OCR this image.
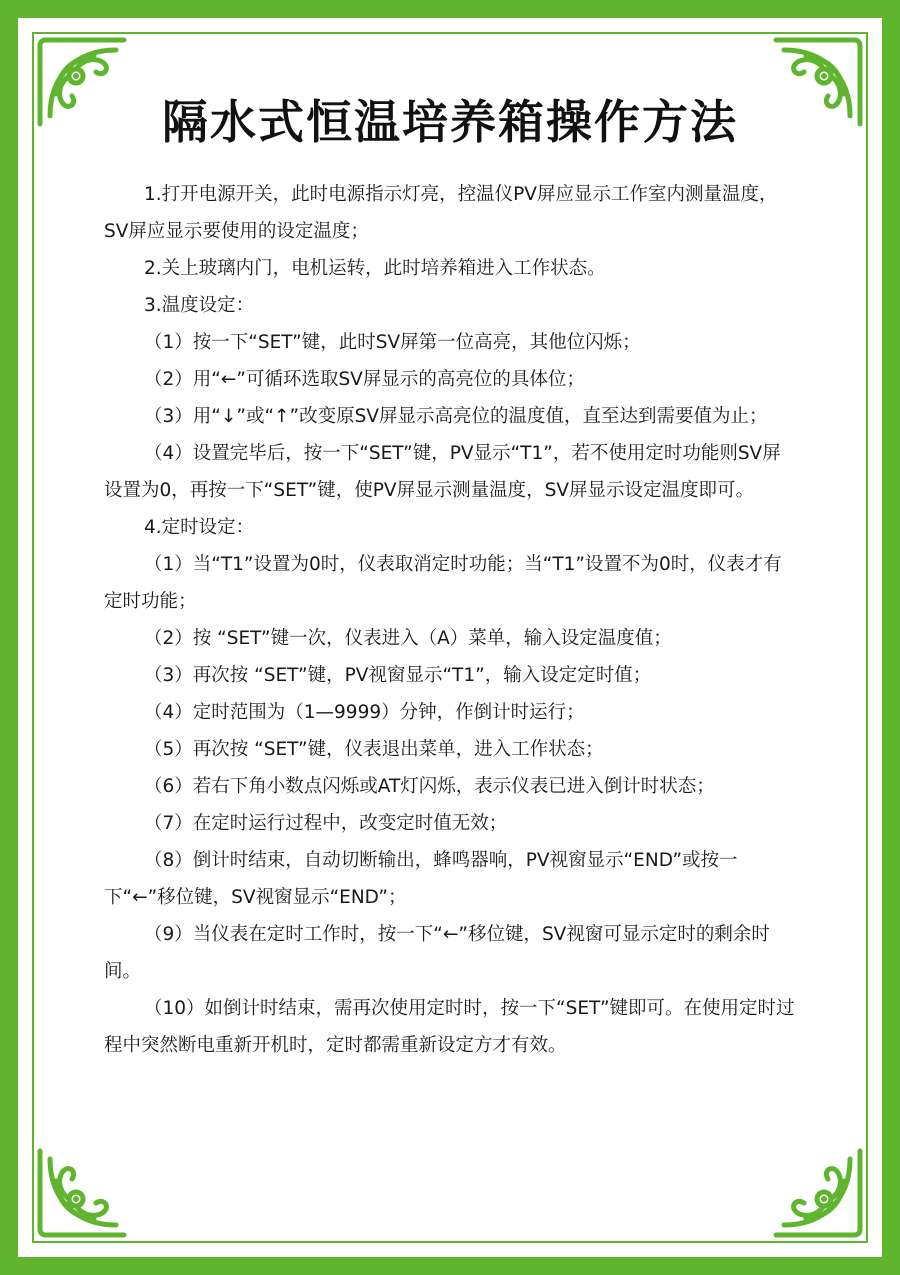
隔水式恒温培养箱操作方法

1.打开电源开关，此时电源指示灯亮，控温仪PV屏应显示工作室内测量温度，SV屏应显示要使用的设定温度；

2.关上玻璃内门，电机运转，此时培养箱进入工作状态。

3.温度设定：

（1）按一下“SET”键，此时SV屏第一位高亮，其他位闪烁；

（2）用“←”可循环选取SV屏显示的高亮位的具体位；

（3）用“↓”或“↑”改变原SV屏显示高亮位的温度值，直至达到需要值为止；

（4）设置完毕后，按一下“SET”键，PV显示“T1”，若不使用定时功能则SV屏设置为0，再按一下“SET”键，使PV屏显示测量温度，SV屏显示设定温度即可。

4.定时设定：

（1）当“T1”设置为0时，仪表取消定时功能；当“T1”设置不为0时，仪表才有定时功能；

（2）按 “SET”键一次，仪表进入（A）菜单，输入设定温度值；

（3）再次按 “SET”键，PV视窗显示“T1”，输入设定定时值；

（4）定时范围为（1—9999）分钟，作倒计时运行；

（5）再次按 “SET”键，仪表退出菜单，进入工作状态；

（6）若右下角小数点闪烁或AT灯闪烁，表示仪表已进入倒计时状态；

（7）在定时运行过程中，改变定时值无效；

（8）倒计时结束，自动切断输出，蜂鸣器响，PV视窗显示“END”或按一下“←”移位键，SV视窗显示“END”；

（9）当仪表在定时工作时，按一下“←”移位键，SV视窗可显示定时的剩余时间。

（10）如倒计时结束，需再次使用定时时，按一下“SET”键即可。在使用定时过程中突然断电重新开机时，定时都需重新设定方才有效。
